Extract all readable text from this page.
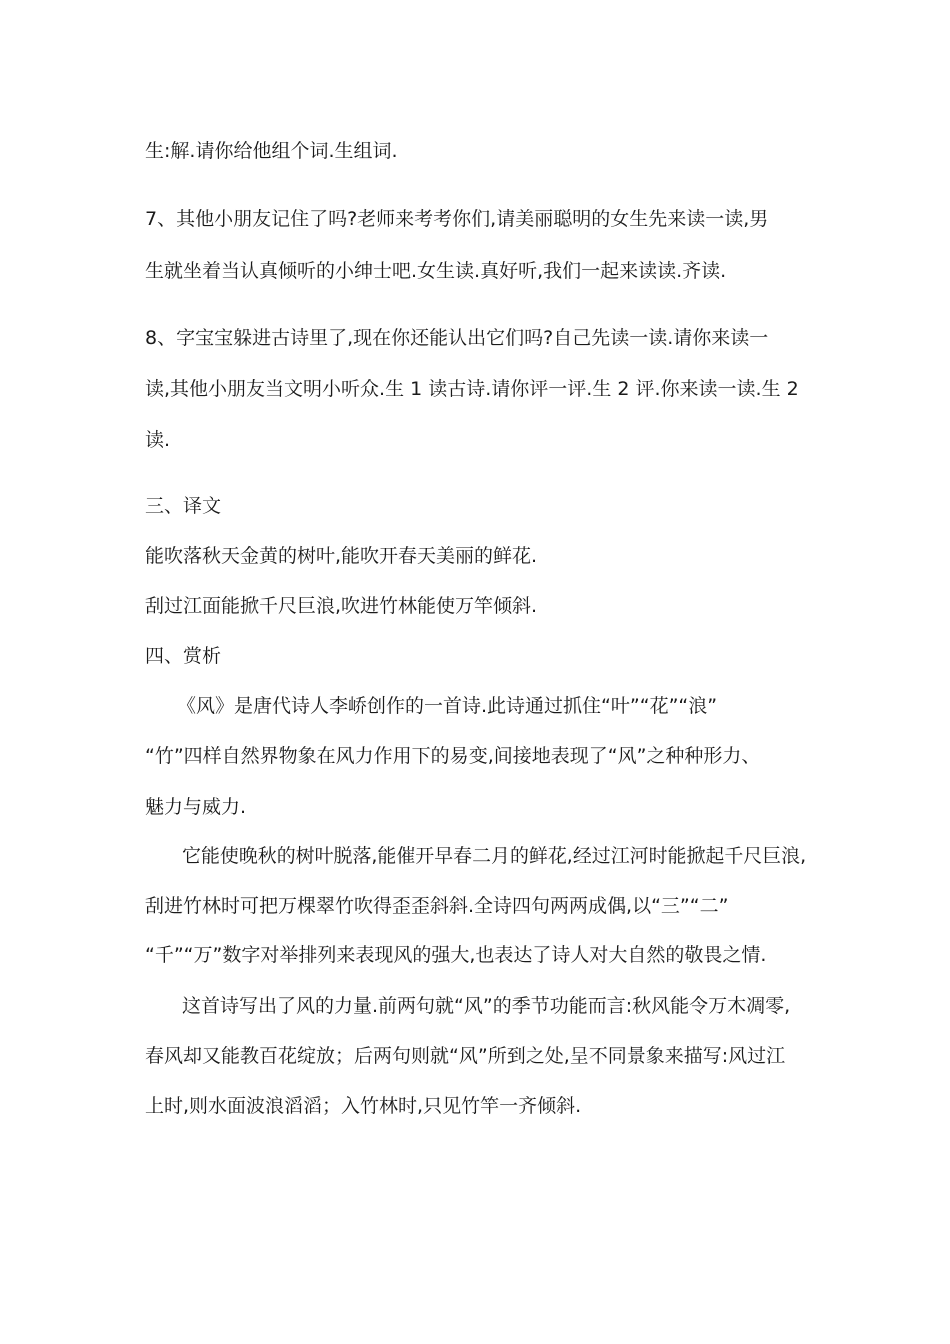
生:解.请你给他组个词.生组词.
7、其他小朋友记住了吗?老师来考考你们,请美丽聪明的女生先来读一读,男
生就坐着当认真倾听的小绅士吧.女生读.真好听,我们一起来读读.齐读.
8、字宝宝躲进古诗里了,现在你还能认出它们吗?自己先读一读.请你来读一
读,其他小朋友当文明小听众.生 1 读古诗.请你评一评.生 2 评.你来读一读.生 2
读.
三、译文
能吹落秋天金黄的树叶,能吹开春天美丽的鲜花.
刮过江面能掀千尺巨浪,吹进竹林能使万竿倾斜.
四、赏析
《风》是唐代诗人李峤创作的一首诗.此诗通过抓住“叶”“花”“浪”
“竹”四样自然界物象在风力作用下的易变,间接地表现了“风”之种种形力、
魅力与威力.
它能使晚秋的树叶脱落,能催开早春二月的鲜花,经过江河时能掀起千尺巨浪,
刮进竹林时可把万棵翠竹吹得歪歪斜斜.全诗四句两两成偶,以“三”“二”
“千”“万”数字对举排列来表现风的强大,也表达了诗人对大自然的敬畏之情.
这首诗写出了风的力量.前两句就“风”的季节功能而言:秋风能令万木凋零,
春风却又能教百花绽放；后两句则就“风”所到之处,呈不同景象来描写:风过江
上时,则水面波浪滔滔；入竹林时,只见竹竿一齐倾斜.
